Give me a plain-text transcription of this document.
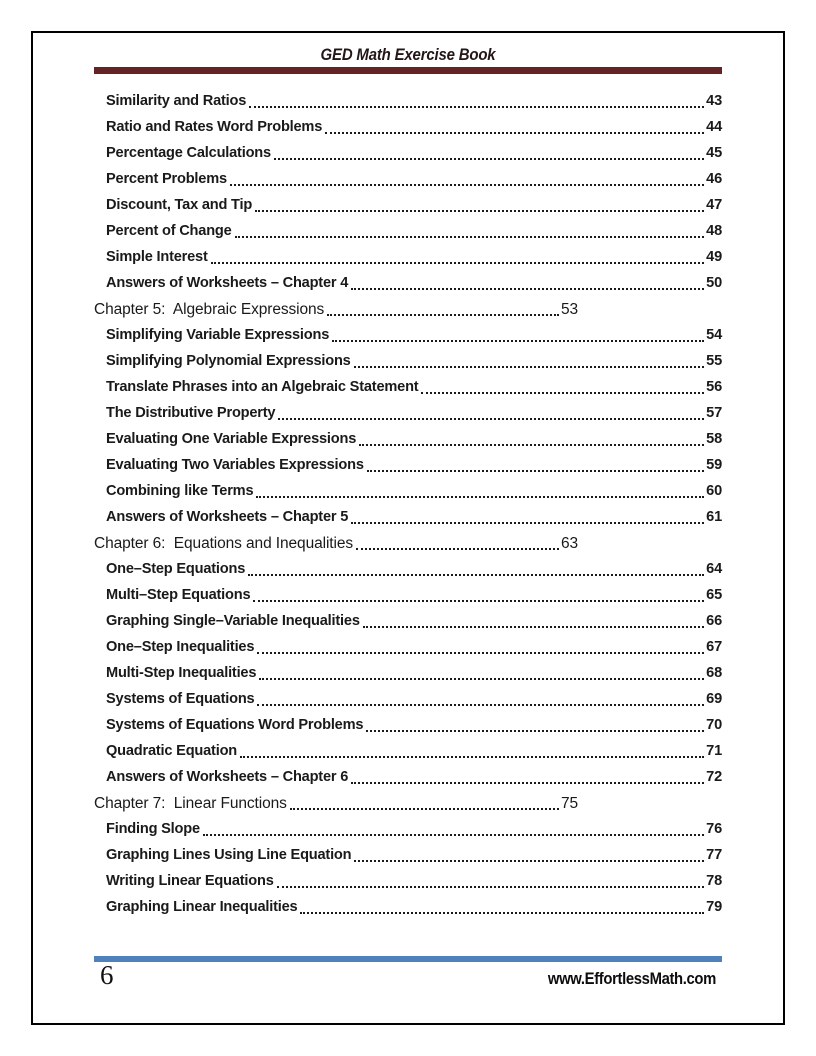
GED Math Exercise Book
Similarity and Ratios	43
Ratio and Rates Word Problems	44
Percentage Calculations	45
Percent Problems	46
Discount, Tax and Tip	47
Percent of Change	48
Simple Interest	49
Answers of Worksheets – Chapter 4	50
Chapter 5:  Algebraic Expressions	53
Simplifying Variable Expressions	54
Simplifying Polynomial Expressions	55
Translate Phrases into an Algebraic Statement	56
The Distributive Property	57
Evaluating One Variable Expressions	58
Evaluating Two Variables Expressions	59
Combining like Terms	60
Answers of Worksheets – Chapter 5	61
Chapter 6:  Equations and Inequalities	63
One–Step Equations	64
Multi–Step Equations	65
Graphing Single–Variable Inequalities	66
One–Step Inequalities	67
Multi-Step Inequalities	68
Systems of Equations	69
Systems of Equations Word Problems	70
Quadratic Equation	71
Answers of Worksheets – Chapter 6	72
Chapter 7:  Linear Functions	75
Finding Slope	76
Graphing Lines Using Line Equation	77
Writing Linear Equations	78
Graphing Linear Inequalities	79
6	www.EffortlessMath.com
